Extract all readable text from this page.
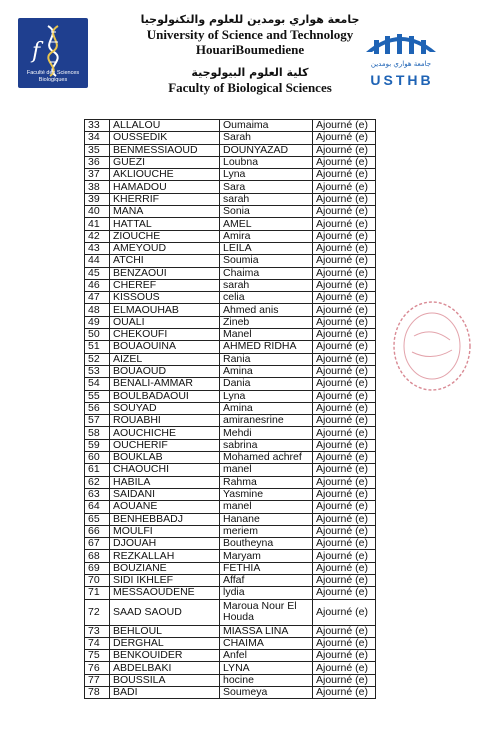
f
Faculté des Sciences Biologiques
جامعة هواري بومدين للعلوم والتكنولوجيا
University of Science and Technology
HouariBoumediene
كلية العلوم البيولوجية
Faculty of Biological Sciences
جامعة هواري بومدين
USTHB
33	ALLALOU	Oumaima	Ajourné (e)
34	OUSSEDIK	Sarah	Ajourné (e)
35	BENMESSIAOUD	DOUNYAZAD	Ajourné (e)
36	GUEZI	Loubna	Ajourné (e)
37	AKLIOUCHE	Lyna	Ajourné (e)
38	HAMADOU	Sara	Ajourné (e)
39	KHERRIF	sarah	Ajourné (e)
40	MANA	Sonia	Ajourné (e)
41	HATTAL	AMEL	Ajourné (e)
42	ZIOUCHE	Amira	Ajourné (e)
43	AMEYOUD	LEILA	Ajourné (e)
44	ATCHI	Soumia	Ajourné (e)
45	BENZAOUI	Chaima	Ajourné (e)
46	CHEREF	sarah	Ajourné (e)
47	KISSOUS	celia	Ajourné (e)
48	ELMAOUHAB	Ahmed anis	Ajourné (e)
49	OUALI	Zineb	Ajourné (e)
50	CHEKOUFI	Manel	Ajourné (e)
51	BOUAOUINA	AHMED RIDHA	Ajourné (e)
52	AIZEL	Rania	Ajourné (e)
53	BOUAOUD	Amina	Ajourné (e)
54	BENALI-AMMAR	Dania	Ajourné (e)
55	BOULBADAOUI	Lyna	Ajourné (e)
56	SOUYAD	Amina	Ajourné (e)
57	ROUABHI	amiranesrine	Ajourné (e)
58	AOUCHICHE	Mehdi	Ajourné (e)
59	OUCHERIF	sabrina	Ajourné (e)
60	BOUKLAB	Mohamed achref	Ajourné (e)
61	CHAOUCHI	manel	Ajourné (e)
62	HABILA	Rahma	Ajourné (e)
63	SAIDANI	Yasmine	Ajourné (e)
64	AOUANE	manel	Ajourné (e)
65	BENHEBBADJ	Hanane	Ajourné (e)
66	MOULFI	meriem	Ajourné (e)
67	DJOUAH	Boutheyna	Ajourné (e)
68	REZKALLAH	Maryam	Ajourné (e)
69	BOUZIANE	FETHIA	Ajourné (e)
70	SIDI IKHLEF	Affaf	Ajourné (e)
71	MESSAOUDENE	lydia	Ajourné (e)
72	SAAD SAOUD	Maroua Nour El Houda	Ajourné (e)
73	BEHLOUL	MIASSA LINA	Ajourné (e)
74	DERGHAL	CHAIMA	Ajourné (e)
75	BENKOUIDER	Anfel	Ajourné (e)
76	ABDELBAKI	LYNA	Ajourné (e)
77	BOUSSILA	hocine	Ajourné (e)
78	BADI	Soumeya	Ajourné (e)
